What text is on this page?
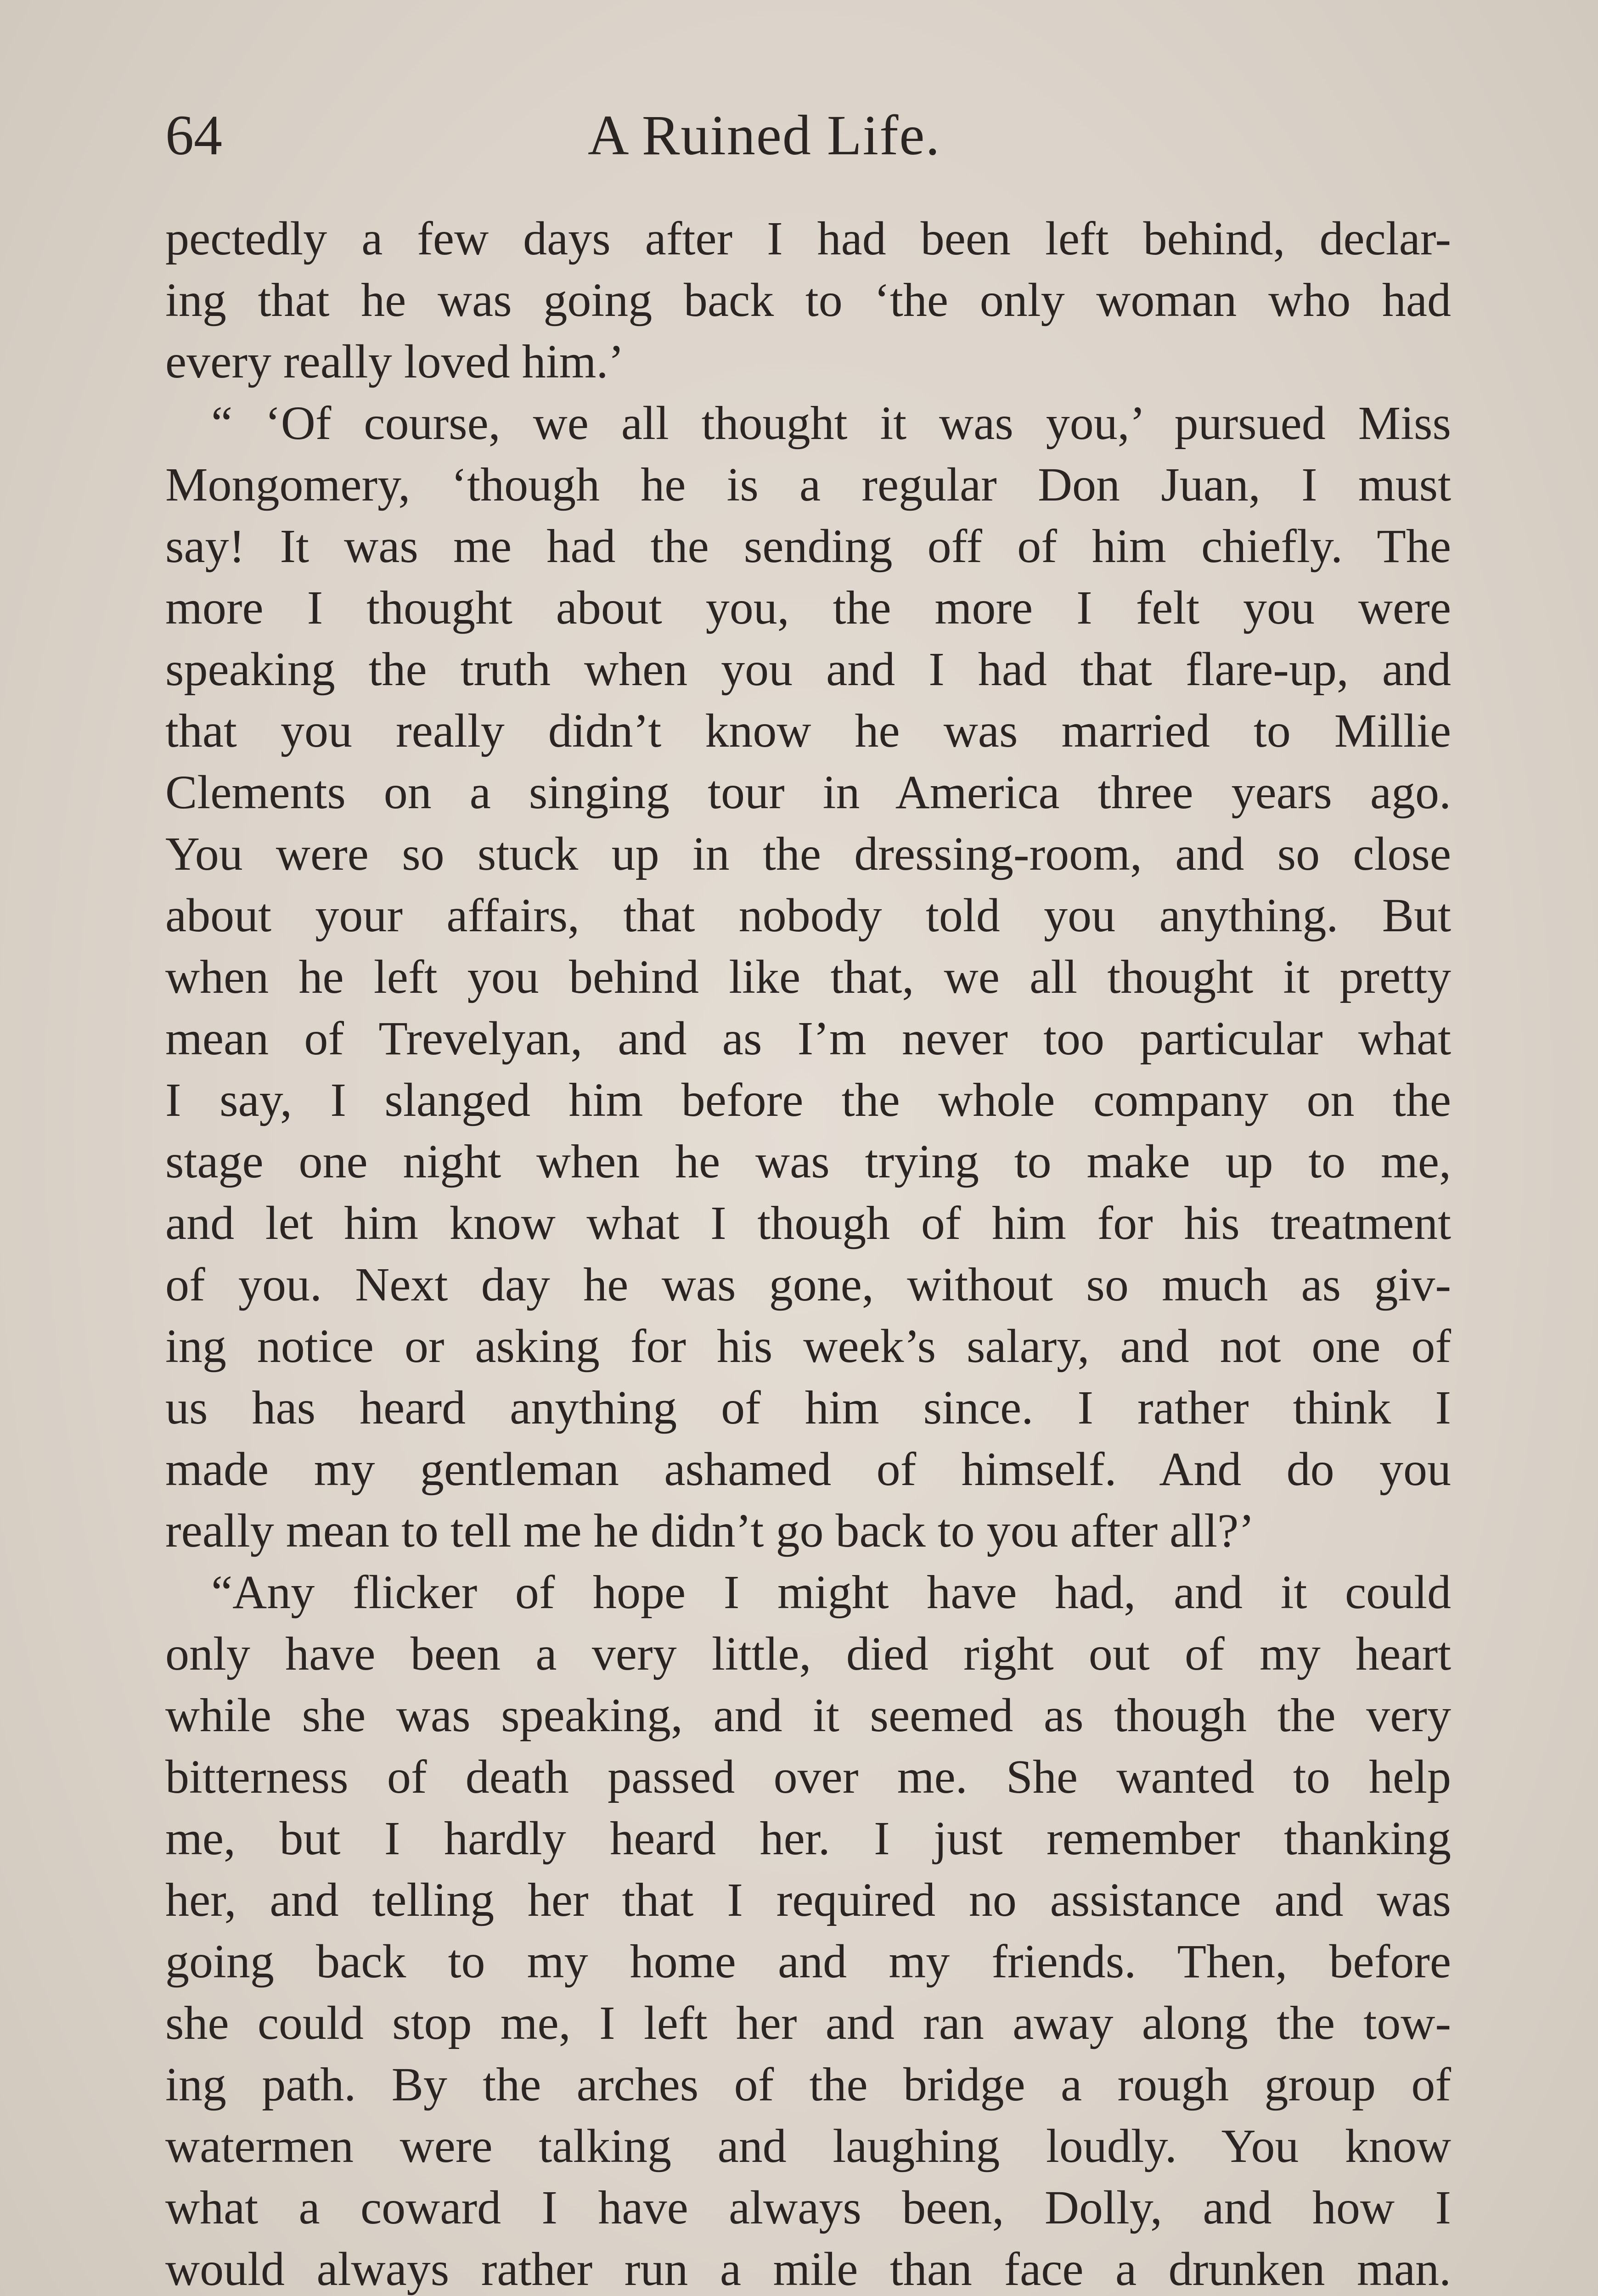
64	A Ruined Life.
pectedly a few days after I had been left behind, declar-
ing that he was going back to ‘the only woman who had
every really loved him.’
“ ‘Of course, we all thought it was you,’ pursued Miss
Mongomery, ‘though he is a regular Don Juan, I must
say! It was me had the sending off of him chiefly. The
more I thought about you, the more I felt you were
speaking the truth when you and I had that flare-up, and
that you really didn’t know he was married to Millie
Clements on a singing tour in America three years ago.
You were so stuck up in the dressing-room, and so close
about your affairs, that nobody told you anything. But
when he left you behind like that, we all thought it pretty
mean of Trevelyan, and as I’m never too particular what
I say, I slanged him before the whole company on the
stage one night when he was trying to make up to me,
and let him know what I though of him for his treatment
of you. Next day he was gone, without so much as giv-
ing notice or asking for his week’s salary, and not one of
us has heard anything of him since. I rather think I
made my gentleman ashamed of himself. And do you
really mean to tell me he didn’t go back to you after all?’
“Any flicker of hope I might have had, and it could
only have been a very little, died right out of my heart
while she was speaking, and it seemed as though the very
bitterness of death passed over me. She wanted to help
me, but I hardly heard her. I just remember thanking
her, and telling her that I required no assistance and was
going back to my home and my friends. Then, before
she could stop me, I left her and ran away along the tow-
ing path. By the arches of the bridge a rough group of
watermen were talking and laughing loudly. You know
what a coward I have always been, Dolly, and how I
would always rather run a mile than face a drunken man.
